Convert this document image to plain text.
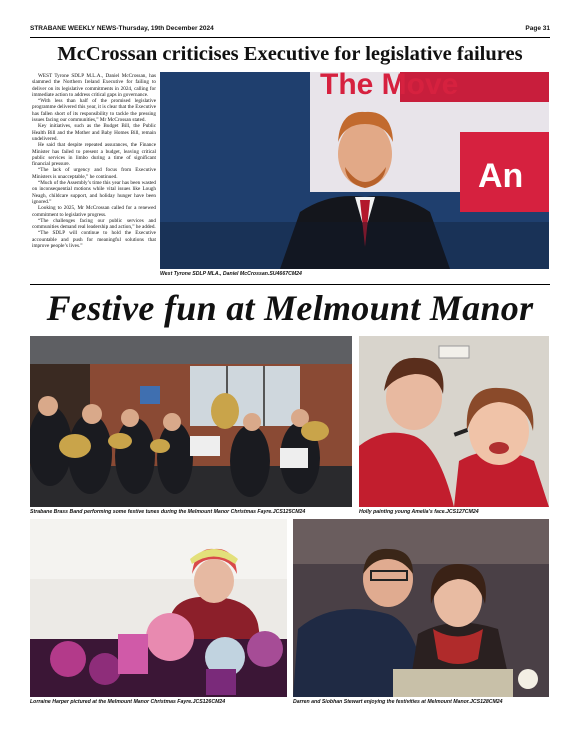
STRABANE WEEKLY NEWS-Thursday, 19th December 2024	Page 31
McCrossan criticises Executive for legislative failures

WEST Tyrone SDLP M.L.A., Daniel McCrossan, has slammed the Northern Ireland Executive for failing to deliver on its legislative commitments in 2024, calling for immediate action to address critical gaps in governance.

“With less than half of the promised legislative programme delivered this year, it is clear that the Executive has fallen short of its responsibility to tackle the pressing issues facing our communities,” Mr McCrossan stated.

Key initiatives, such as the Budget Bill, the Public Health Bill and the Mother and Baby Homes Bill, remain undelivered.

He said that despite repeated assurances, the Finance Minister has failed to present a budget, leaving critical public services in limbo during a time of significant financial pressure.

“The lack of urgency and focus from Executive Ministers is unacceptable,” he continued.

“Much of the Assembly’s time this year has been wasted on inconsequential motions while vital issues like Lough Neagh, childcare support, and holiday hunger have been ignored.”

Looking to 2025, Mr McCrossan called for a renewed commitment to legislative progress.

“The challenges facing our public services and communities demand real leadership and action,” he added.

“The SDLP will continue to hold the Executive accountable and push for meaningful solutions that improve people’s lives.”

The Move
An
West Tyrone SDLP MLA., Daniel McCrossan.SU4667CM24
Festive fun at Melmount Manor
Strabane Brass Band performing some festive tunes during the Melmount Manor Christmas Fayre.JCS125CM24	Holly painting young Amelia’s face.JCS127CM24
Lorraine Harper pictured at the Melmount Manor Christmas Fayre.JCS126CM24	Darren and Siobhan Stewart enjoying the festivities at Melmount Manor.JCS128CM24
